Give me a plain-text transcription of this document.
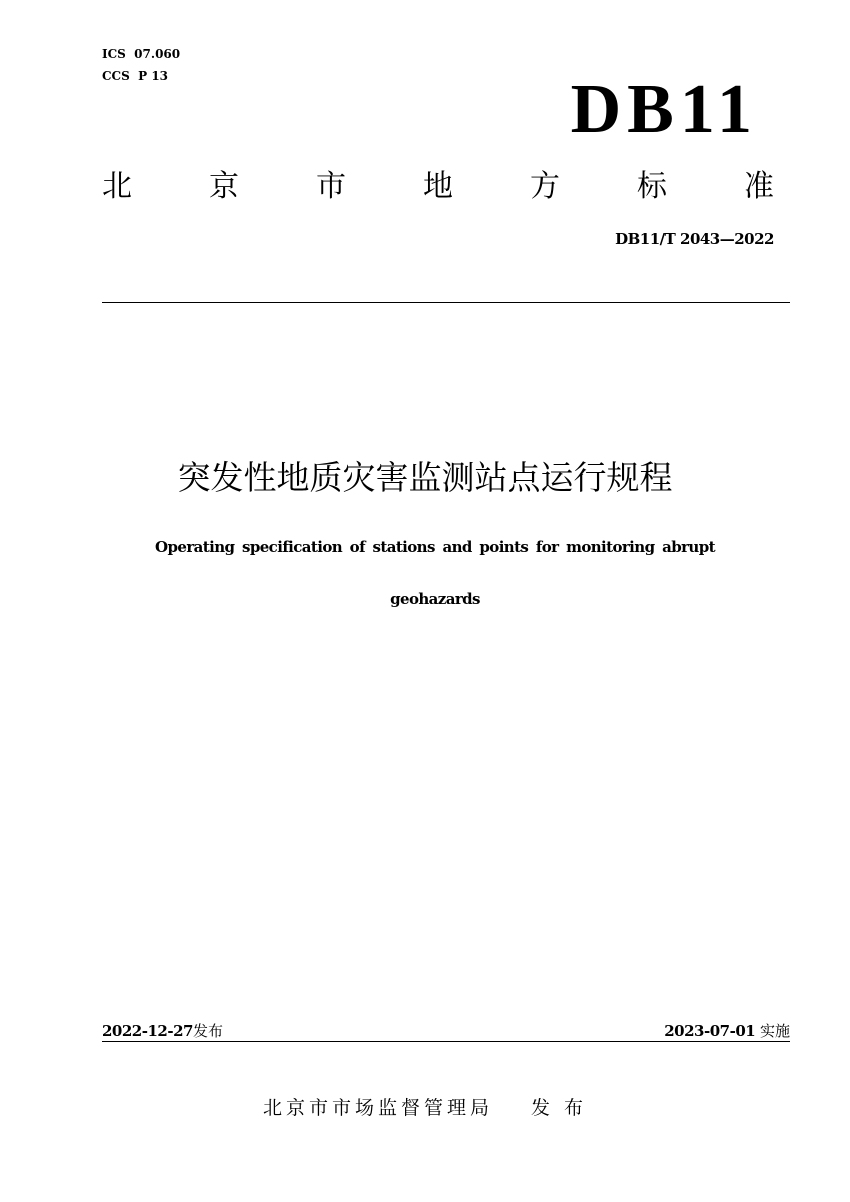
ICS  07.060
CCS  P 13	DB11
北	京	市	地	方	标	准
DB11/T 2043—2022
突发性地质灾害监测站点运行规程
Operating specification of stations and points for monitoring abrupt
geohazards
2022-12-27发布	2023-07-01 实施
北京市市场监督管理局 发 布
